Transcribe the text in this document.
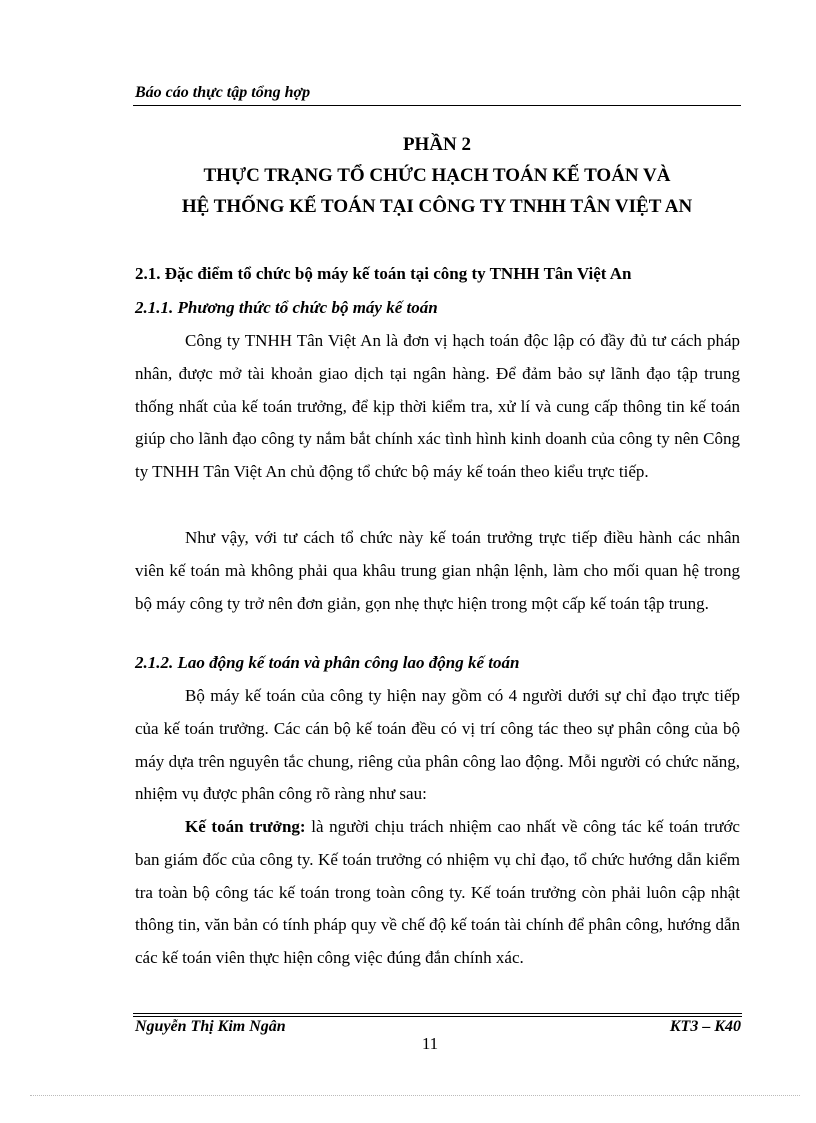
Báo cáo thực tập tổng hợp
PHẦN 2
THỰC TRẠNG TỔ CHỨC HẠCH TOÁN KẾ TOÁN VÀ
HỆ THỐNG KẾ TOÁN TẠI CÔNG TY TNHH TÂN VIỆT AN
2.1. Đặc điểm tổ chức bộ máy kế toán tại công ty TNHH Tân Việt An
2.1.1. Phương thức tổ chức bộ máy kế toán
Công ty TNHH Tân Việt An là đơn vị hạch toán độc lập có đầy đủ tư cách pháp nhân, được mở tài khoản giao dịch tại ngân hàng. Để đảm bảo sự lãnh đạo tập trung thống nhất của kế toán trưởng, để kịp thời kiểm tra, xử lí và cung cấp thông tin kế toán giúp cho lãnh đạo công ty nắm bắt chính xác tình hình kinh doanh của công ty nên Công ty TNHH Tân Việt An chủ động tổ chức bộ máy kế toán theo kiểu trực tiếp.
Như vậy, với tư cách tổ chức này kế toán trưởng trực tiếp điều hành các nhân viên kế toán mà không phải qua khâu trung gian nhận lệnh, làm cho mối quan hệ trong bộ máy công ty trở nên đơn giản, gọn nhẹ thực hiện trong một cấp kế toán tập trung.
2.1.2. Lao động kế toán và phân công lao động kế toán
Bộ máy kế toán của công ty hiện nay gồm có 4 người dưới sự chỉ đạo trực tiếp của kế toán trưởng. Các cán bộ kế toán đều có vị trí công tác theo sự phân công của bộ máy dựa trên nguyên tắc chung, riêng của phân công lao động. Mỗi người có chức năng, nhiệm vụ được phân công rõ ràng như sau:
Kế toán trưởng: là người chịu trách nhiệm cao nhất về công tác kế toán trước ban giám đốc của công ty. Kế toán trưởng có nhiệm vụ chỉ đạo, tổ chức hướng dẫn kiểm tra toàn bộ công tác kế toán trong toàn công ty. Kế toán trưởng còn phải luôn cập nhật thông tin, văn bản có tính pháp quy về chế độ kế toán tài chính để phân công, hướng dẫn các kế toán viên thực hiện công việc đúng đắn chính xác.
Nguyễn Thị Kim Ngân	KT3 – K40
11
